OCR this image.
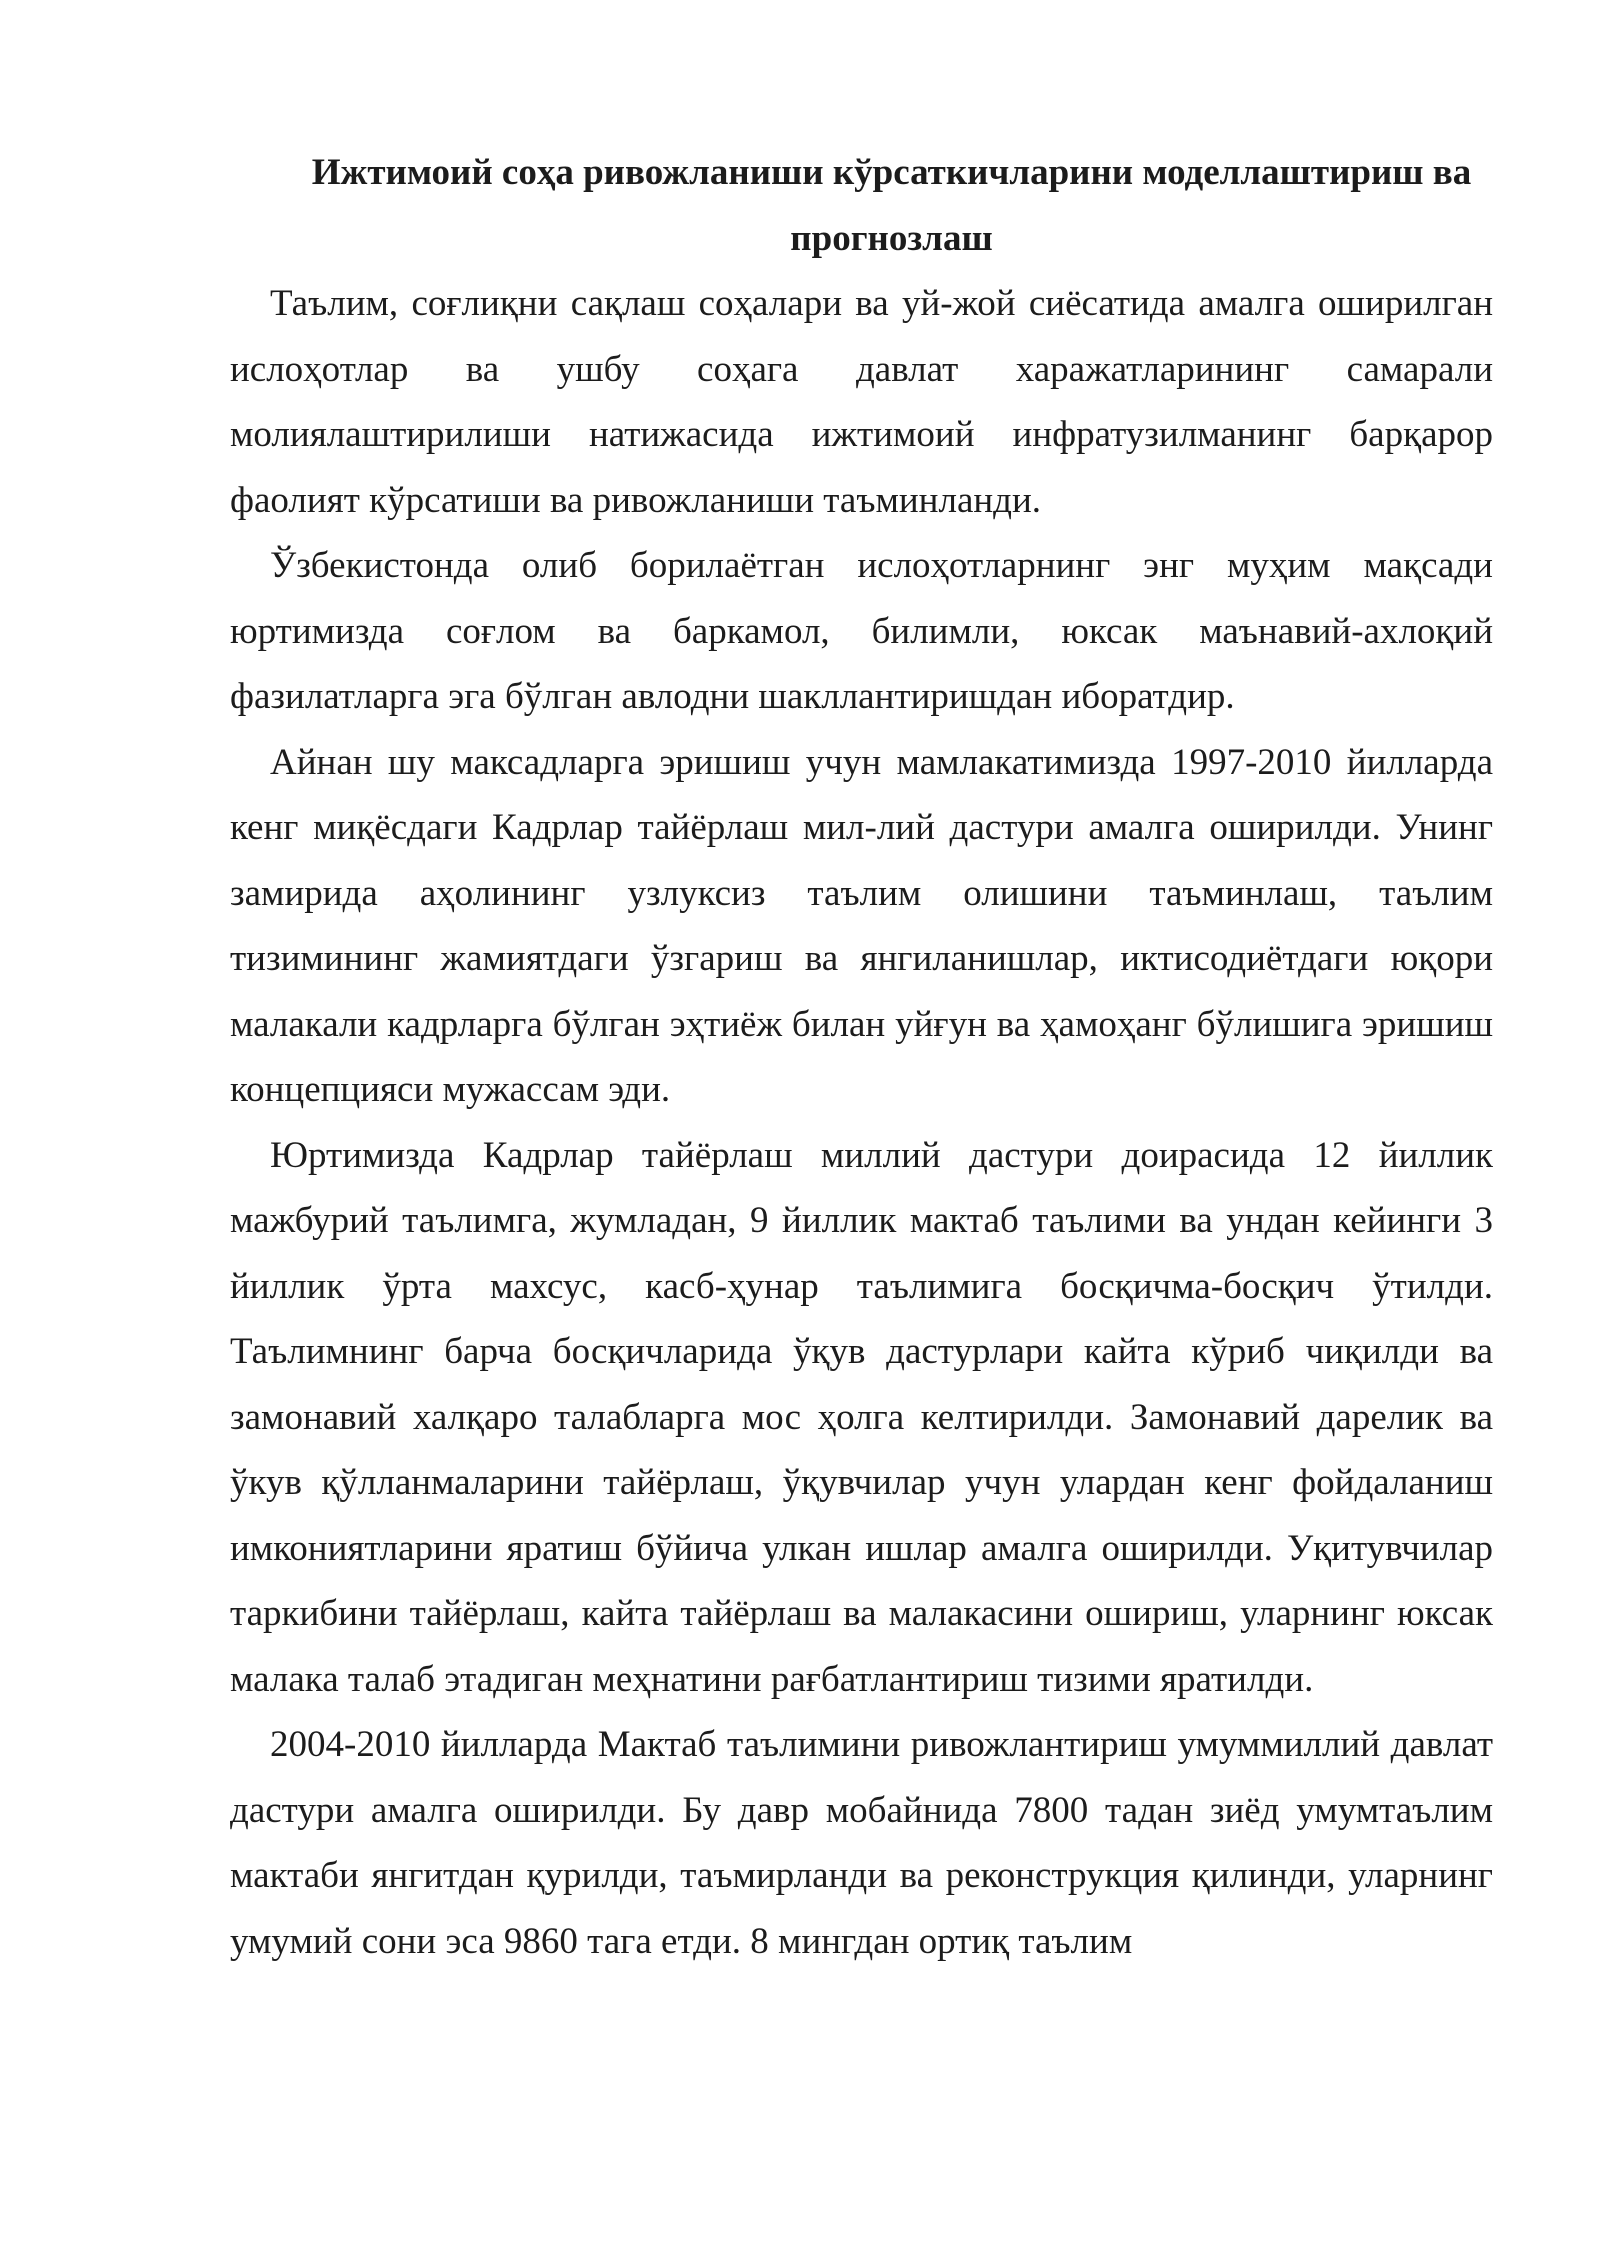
Ижтимоий соҳа ривожланиши кўрсаткичларини моделлаштириш ва прогнозлаш

Таълим, соғлиқни сақлаш соҳалари ва уй-жой сиёсатида амалга оширилган ислоҳотлар ва ушбу соҳага давлат харажатларининг самарали молиялаштирилиши натижасида ижтимоий инфратузилманинг барқарор фаолият кўрсатиши ва ривожланиши таъминланди.

Ўзбекистонда олиб борилаётган ислоҳотларнинг энг муҳим мақсади юртимизда соғлом ва баркамол, билимли, юксак маънавий-ахлоқий фазилатларга эга бўлган авлодни шакллантиришдан иборатдир.

Айнан шу максадларга эришиш учун мамлакатимизда 1997-2010 йилларда кенг миқёсдаги Кадрлар тайёрлаш мил-лий дастури амалга оширилди. Унинг замирида аҳолининг узлуксиз таълим олишини таъминлаш, таълим тизимининг жамиятдаги ўзгариш ва янгиланишлар, иктисодиётдаги юқори малакали кадрларга бўлган эҳтиёж билан уйғун ва ҳамоҳанг бўлишига эришиш концепцияси мужассам эди.

Юртимизда Кадрлар тайёрлаш миллий дастури доирасида 12 йиллик мажбурий таълимга, жумладан, 9 йиллик мактаб таълими ва ундан кейинги 3 йиллик ўрта махсус, касб-ҳунар таълимига босқичма-босқич ўтилди. Таълимнинг барча босқичларида ўқув дастурлари кайта кўриб чиқилди ва замонавий халқаро талабларга мос ҳолга келтирилди. Замонавий дарелик ва ўкув қўлланмаларини тайёрлаш, ўқувчилар учун улардан кенг фойдаланиш имкониятларини яратиш бўйича улкан ишлар амалга оширилди. Уқитувчилар таркибини тайёрлаш, кайта тайёрлаш ва малакасини ошириш, уларнинг юксак малака талаб этадиган меҳнатини рағбатлантириш тизими яратилди.

2004-2010 йилларда Мактаб таълимини ривожлантириш умуммиллий давлат дастури амалга оширилди. Бу давр мобайнида 7800 тадан зиёд умумтаълим мактаби янгитдан қурилди, таъмирланди ва реконструкция қилинди, уларнинг умумий сони эса 9860 тага етди. 8 мингдан ортиқ таълим
